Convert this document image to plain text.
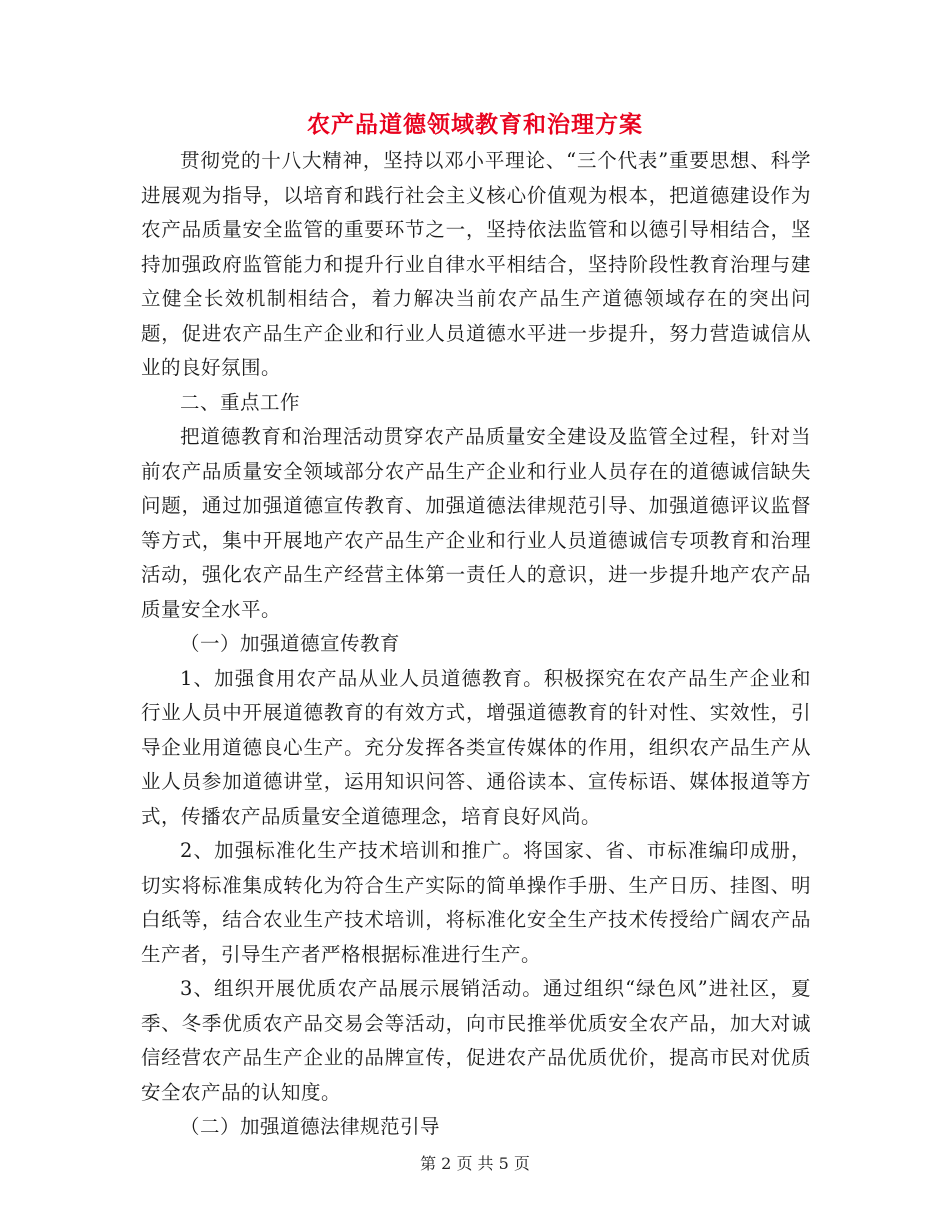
农产品道德领域教育和治理方案

贯彻党的十八大精神，坚持以邓小平理论、“三个代表”重要思想、科学进展观为指导，以培育和践行社会主义核心价值观为根本，把道德建设作为农产品质量安全监管的重要环节之一，坚持依法监管和以德引导相结合，坚持加强政府监管能力和提升行业自律水平相结合，坚持阶段性教育治理与建立健全长效机制相结合，着力解决当前农产品生产道德领域存在的突出问题，促进农产品生产企业和行业人员道德水平进一步提升，努力营造诚信从业的良好氛围。

二、重点工作

把道德教育和治理活动贯穿农产品质量安全建设及监管全过程，针对当前农产品质量安全领域部分农产品生产企业和行业人员存在的道德诚信缺失问题，通过加强道德宣传教育、加强道德法律规范引导、加强道德评议监督等方式，集中开展地产农产品生产企业和行业人员道德诚信专项教育和治理活动，强化农产品生产经营主体第一责任人的意识，进一步提升地产农产品质量安全水平。

（一）加强道德宣传教育

1、加强食用农产品从业人员道德教育。积极探究在农产品生产企业和行业人员中开展道德教育的有效方式，增强道德教育的针对性、实效性，引导企业用道德良心生产。充分发挥各类宣传媒体的作用，组织农产品生产从业人员参加道德讲堂，运用知识问答、通俗读本、宣传标语、媒体报道等方式，传播农产品质量安全道德理念，培育良好风尚。

2、加强标准化生产技术培训和推广。将国家、省、市标准编印成册，切实将标准集成转化为符合生产实际的简单操作手册、生产日历、挂图、明白纸等，结合农业生产技术培训，将标准化安全生产技术传授给广阔农产品生产者，引导生产者严格根据标准进行生产。

3、组织开展优质农产品展示展销活动。通过组织“绿色风”进社区，夏季、冬季优质农产品交易会等活动，向市民推举优质安全农产品，加大对诚信经营农产品生产企业的品牌宣传，促进农产品优质优价，提高市民对优质安全农产品的认知度。

（二）加强道德法律规范引导

第 2 页 共 5 页
